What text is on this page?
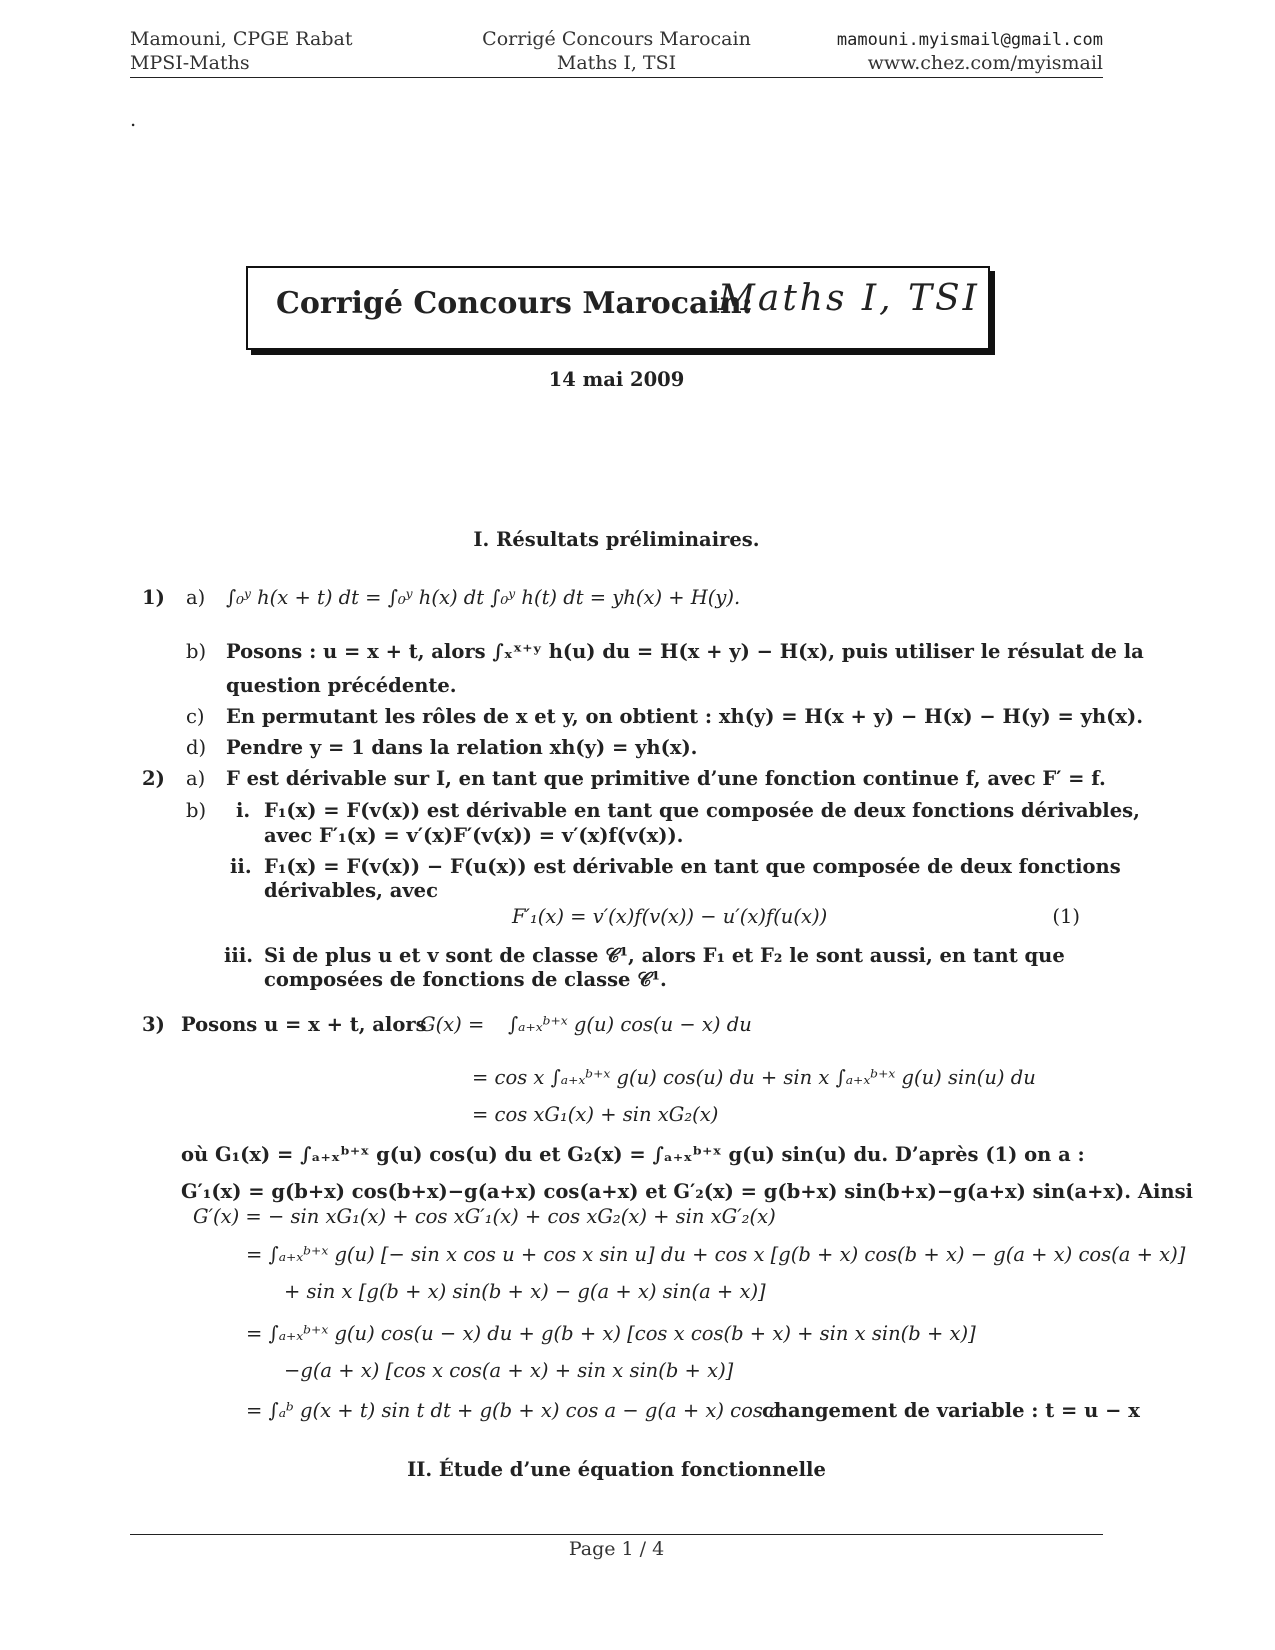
Mamouni, CPGE Rabat
MPSI-Maths
Corrigé Concours Marocain
Maths I, TSI
mamouni.myismail@gmail.com
www.chez.com/myismail
.
Corrigé Concours Marocain:
Maths I, TSI
14 mai 2009
I. Résultats préliminaires.
1) a) ∫₀ʸ h(x + t) dt = ∫₀ʸ h(x) dt ∫₀ʸ h(t) dt = yh(x) + H(y).
b) Posons : u = x + t, alors ∫ₓˣ⁺ʸ h(u) du = H(x + y) − H(x), puis utiliser le résulat de la
question précédente.
c) En permutant les rôles de x et y, on obtient : xh(y) = H(x + y) − H(x) − H(y) = yh(x).
d) Pendre y = 1 dans la relation xh(y) = yh(x).
2) a) F est dérivable sur I, en tant que primitive d’une fonction continue f, avec F′ = f.
b) i. F₁(x) = F(v(x)) est dérivable en tant que composée de deux fonctions dérivables,
avec F′₁(x) = v′(x)F′(v(x)) = v′(x)f(v(x)).
ii. F₁(x) = F(v(x)) − F(u(x)) est dérivable en tant que composée de deux fonctions
dérivables, avec
F′₁(x) = v′(x)f(v(x)) − u′(x)f(u(x))	(1)
iii. Si de plus u et v sont de classe 𝒞¹, alors F₁ et F₂ le sont aussi, en tant que
composées de fonctions de classe 𝒞¹.
3) Posons u = x + t, alors
G(x) = ∫ₐ₊ₓᵇ⁺ˣ g(u) cos(u − x) du
= cos x ∫ₐ₊ₓᵇ⁺ˣ g(u) cos(u) du + sin x ∫ₐ₊ₓᵇ⁺ˣ g(u) sin(u) du
= cos xG₁(x) + sin xG₂(x)
où G₁(x) = ∫ₐ₊ₓᵇ⁺ˣ g(u) cos(u) du et G₂(x) = ∫ₐ₊ₓᵇ⁺ˣ g(u) sin(u) du. D’après (1) on a :
G′₁(x) = g(b+x) cos(b+x)−g(a+x) cos(a+x) et G′₂(x) = g(b+x) sin(b+x)−g(a+x) sin(a+x). Ainsi
G′(x) = − sin xG₁(x) + cos xG′₁(x) + cos xG₂(x) + sin xG′₂(x)
= ∫ₐ₊ₓᵇ⁺ˣ g(u) [− sin x cos u + cos x sin u] du + cos x [g(b + x) cos(b + x) − g(a + x) cos(a + x)]
+ sin x [g(b + x) sin(b + x) − g(a + x) sin(a + x)]
= ∫ₐ₊ₓᵇ⁺ˣ g(u) cos(u − x) du + g(b + x) [cos x cos(b + x) + sin x sin(b + x)]
−g(a + x) [cos x cos(a + x) + sin x sin(b + x)]
= ∫ₐᵇ g(x + t) sin t dt + g(b + x) cos a − g(a + x) cos a
changement de variable : t = u − x
II. Étude d’une équation fonctionnelle
Page 1 / 4
